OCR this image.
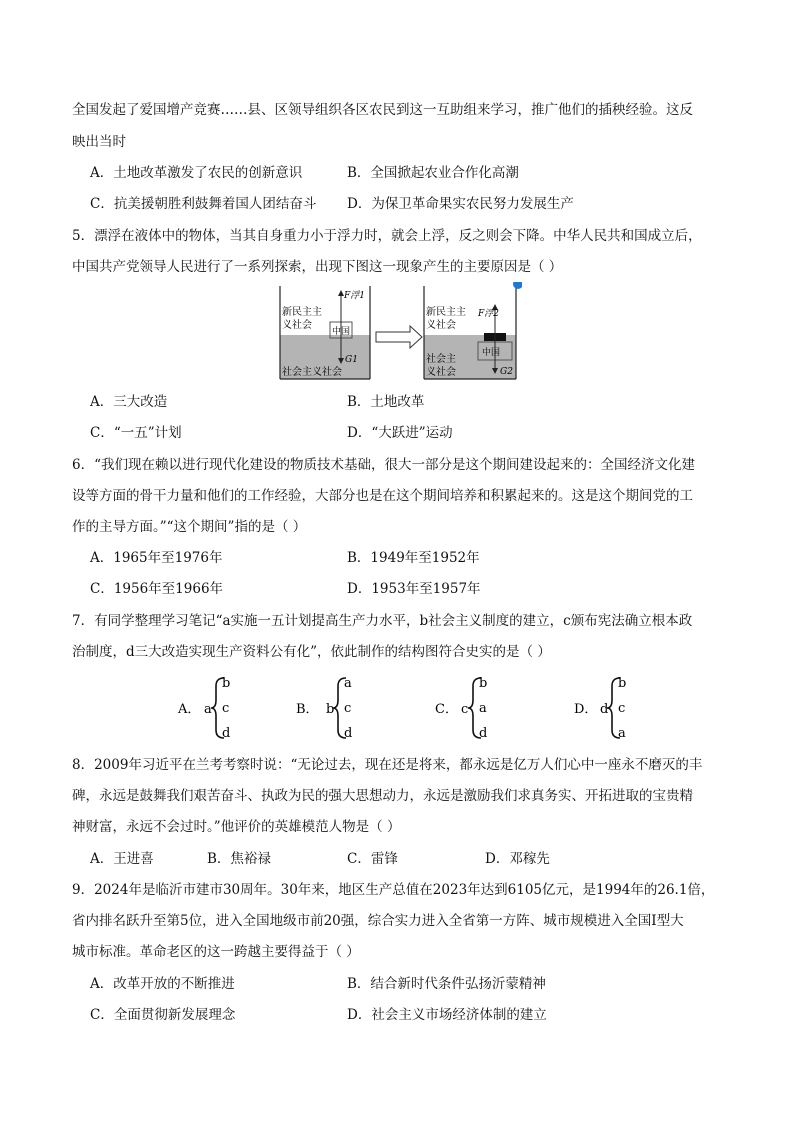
全国发起了爱国增产竞赛……县、区领导组织各区农民到这一互助组来学习，推广他们的插秧经验。这反
映出当时
A．土地改革激发了农民的创新意识	B．全国掀起农业合作化高潮
C．抗美援朝胜利鼓舞着国人团结奋斗 D．为保卫革命果实农民努力发展生产
5．漂浮在液体中的物体，当其自身重力小于浮力时，就会上浮，反之则会下降。中华人民共和国成立后，
中国共产党领导人民进行了一系列探索，出现下图这一现象产生的主要原因是（ ）
新民主主
义社会
社会主义社会
中国
F浮1
G1
新民主主
义社会
社会主
义社会
中国
F浮2
G2
A．三大改造	B．土地改革
C．“一五”计划	D．“大跃进”运动
6．“我们现在赖以进行现代化建设的物质技术基础，很大一部分是这个期间建设起来的：全国经济文化建
设等方面的骨干力量和他们的工作经验，大部分也是在这个期间培养和积累起来的。这是这个期间党的工
作的主导方面。”“这个期间”指的是（ ）
A．1965年至1976年	B．1949年至1952年
C．1956年至1966年	D．1953年至1957年
7．有同学整理学习笔记“a实施一五计划提高生产力水平，b社会主义制度的建立，c颁布宪法确立根本政
治制度，d三大改造实现生产资料公有化”，依此制作的结构图符合史实的是（ ）
A． a
b
c
d
B． b
a
c
d
C． c
b
a
d
D． d
b
c
a
8．2009年习近平在兰考考察时说：“无论过去，现在还是将来，都永远是亿万人们心中一座永不磨灭的丰
碑，永远是鼓舞我们艰苦奋斗、执政为民的强大思想动力，永远是激励我们求真务实、开拓进取的宝贵精
神财富，永远不会过时。”他评价的英雄模范人物是（ ）
A．王进喜	B．焦裕禄	C．雷锋	D．邓稼先
9．2024年是临沂市建市30周年。30年来，地区生产总值在2023年达到6105亿元，是1994年的26.1倍，
省内排名跃升至第5位，进入全国地级市前20强，综合实力进入全省第一方阵、城市规模进入全国Ⅰ型大
城市标准。革命老区的这一跨越主要得益于（ ）
A．改革开放的不断推进	B．结合新时代条件弘扬沂蒙精神
C．全面贯彻新发展理念	D．社会主义市场经济体制的建立
